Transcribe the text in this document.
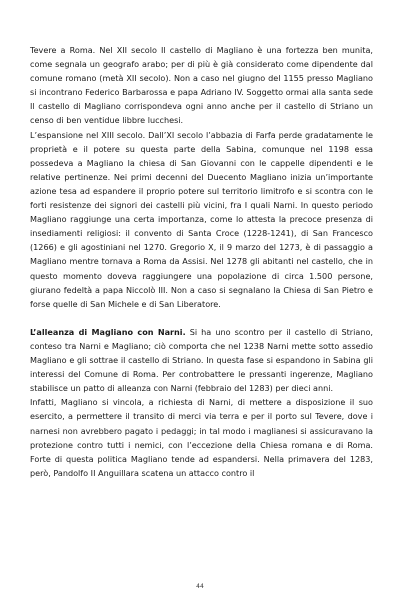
Tevere a Roma. Nel XII secolo Il castello di Magliano è una fortezza ben munita, come segnala un geografo arabo; per di più è già considerato come dipendente dal comune romano (metà XII secolo). Non a caso nel giugno del 1155 presso Magliano si incontrano Federico Barbarossa e papa Adriano IV. Soggetto ormai alla santa sede Il castello di Magliano corrispondeva ogni anno anche per il castello di Striano un censo di ben ventidue libbre lucchesi.

L’espansione nel XIII secolo. Dall’XI secolo l’abbazia di Farfa perde gradatamente le proprietà e il potere su questa parte della Sabina, comunque nel 1198 essa possedeva a Magliano la chiesa di San Giovanni con le cappelle dipendenti e le relative pertinenze. Nei primi decenni del Duecento Magliano inizia un’importante azione tesa ad espandere il proprio potere sul territorio limitrofo e si scontra con le forti resistenze dei signori dei castelli più vicini, fra I quali Narni. In questo periodo Magliano raggiunge una certa importanza, come lo attesta la precoce presenza di insediamenti religiosi: il convento di Santa Croce (1228-1241), di San Francesco (1266) e gli agostiniani nel 1270. Gregorio X, il 9 marzo del 1273, è di passaggio a Magliano mentre tornava a Roma da Assisi. Nel 1278 gli abitanti nel castello, che in questo momento doveva raggiungere una popolazione di circa 1.500 persone, giurano fedeltà a papa Niccolò III. Non a caso si segnalano la Chiesa di San Pietro e forse quelle di San Michele e di San Liberatore.

L’alleanza di Magliano con Narni. Si ha uno scontro per il castello di Striano, conteso tra Narni e Magliano; ciò comporta che nel 1238 Narni mette sotto assedio Magliano e gli sottrae il castello di Striano. In questa fase si espandono in Sabina gli interessi del Comune di Roma. Per controbattere le pressanti ingerenze, Magliano stabilisce un patto di alleanza con Narni (febbraio del 1283) per dieci anni.

Infatti, Magliano si vincola, a richiesta di Narni, di mettere a disposizione il suo esercito, a permettere il transito di merci via terra e per il porto sul Tevere, dove i narnesi non avrebbero pagato i pedaggi; in tal modo i maglianesi si assicuravano la protezione contro tutti i nemici, con l’eccezione della Chiesa romana e di Roma. Forte di questa politica Magliano tende ad espandersi. Nella primavera del 1283, però, Pandolfo II Anguillara scatena un attacco contro il

44
